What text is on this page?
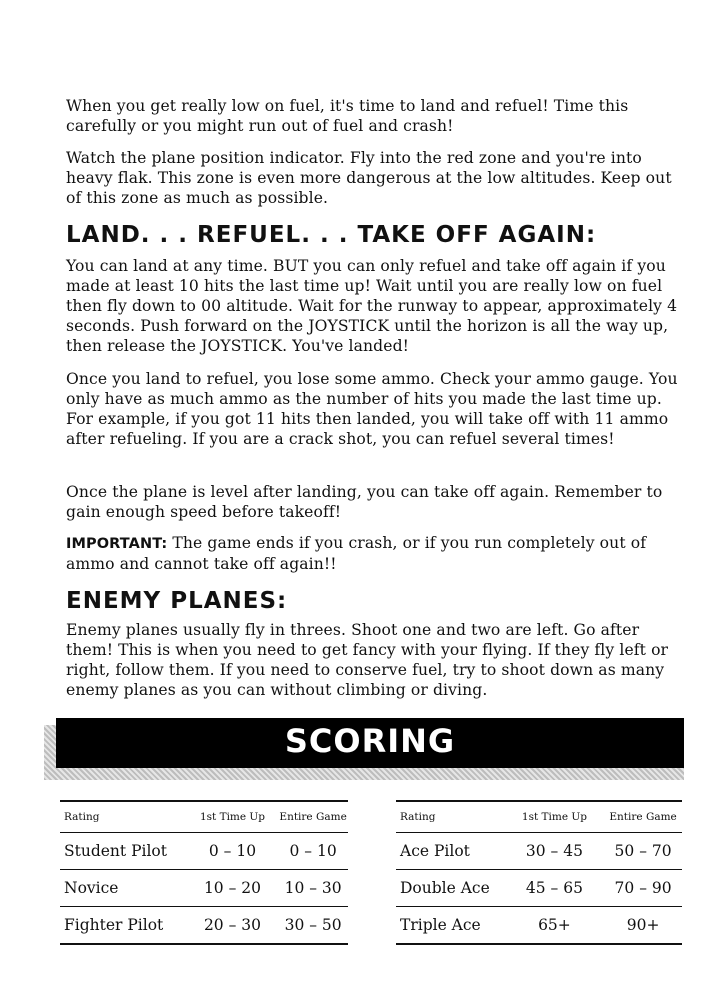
When you get really low on fuel, it's time to land and refuel! Time this carefully or you might run out of fuel and crash!

Watch the plane position indicator. Fly into the red zone and you're into heavy flak. This zone is even more dangerous at the low altitudes. Keep out of this zone as much as possible.

LAND. . . REFUEL. . . TAKE OFF AGAIN:

You can land at any time. BUT you can only refuel and take off again if you made at least 10 hits the last time up! Wait until you are really low on fuel then fly down to 00 altitude. Wait for the runway to appear, approximately 4 seconds. Push forward on the JOYSTICK until the horizon is all the way up, then release the JOYSTICK. You've landed!

Once you land to refuel, you lose some ammo. Check your ammo gauge. You only have as much ammo as the number of hits you made the last time up. For example, if you got 11 hits then landed, you will take off with 11 ammo after refueling. If you are a crack shot, you can refuel several times!

Once the plane is level after landing, you can take off again. Remember to gain enough speed before takeoff!

IMPORTANT: The game ends if you crash, or if you run completely out of ammo and cannot take off again!!

ENEMY PLANES:

Enemy planes usually fly in threes. Shoot one and two are left. Go after them! This is when you need to get fancy with your flying. If they fly left or right, follow them. If you need to conserve fuel, try to shoot down as many enemy planes as you can without climbing or diving.

SCORING
Rating	1st Time Up	Entire Game
Student Pilot	0 – 10	0 – 10
Novice	10 – 20	10 – 30
Fighter Pilot	20 – 30	30 – 50
Rating	1st Time Up	Entire Game
Ace Pilot	30 – 45	50 – 70
Double Ace	45 – 65	70 – 90
Triple Ace	65+	90+
